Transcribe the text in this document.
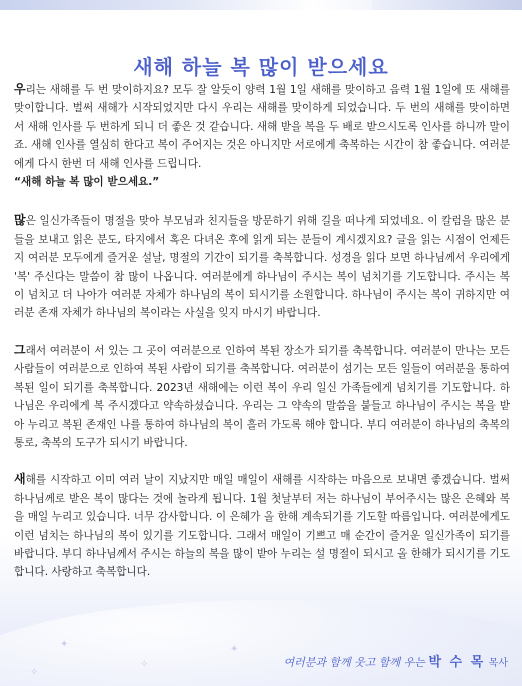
✦
✧
✦
✧
새해 하늘 복 많이 받으세요

우리는 새해를 두 번 맞이하지요? 모두 잘 알듯이 양력 1월 1일 새해를 맞이하고 음력 1월 1일에 또 새해를 맞이합니다. 벌써 새해가 시작되었지만 다시 우리는 새해를 맞이하게 되었습니다. 두 번의 새해를 맞이하면서 새해 인사를 두 번하게 되니 더 좋은 것 같습니다. 새해 받을 복을 두 배로 받으시도록 인사를 하니까 말이죠. 새해 인사를 열심히 한다고 복이 주어지는 것은 아니지만 서로에게 축복하는 시간이 참 좋습니다. 여러분에게 다시 한번 더 새해 인사를 드립니다.

“새해 하늘 복 많이 받으세요.”

많은 일신가족들이 명절을 맞아 부모님과 친지들을 방문하기 위해 길을 떠나게 되었네요. 이 칼럼을 많은 분들을 보내고 읽은 분도, 타지에서 혹은 다녀온 후에 읽게 되는 분들이 계시겠지요? 글을 읽는 시점이 언제든지 여러분 모두에게 즐거운 설날, 명절의 기간이 되기를 축복합니다. 성경을 읽다 보면 하나님께서 우리에게 '복' 주신다는 말씀이 참 많이 나옵니다. 여러분에게 하나님이 주시는 복이 넘치기를 기도합니다. 주시는 복이 넘치고 더 나아가 여러분 자체가 하나님의 복이 되시기를 소원합니다. 하나님이 주시는 복이 귀하지만 여러분 존재 자체가 하나님의 복이라는 사실을 잊지 마시기 바랍니다.

그래서 여러분이 서 있는 그 곳이 여러분으로 인하여 복된 장소가 되기를 축복합니다. 여러분이 만나는 모든 사람들이 여러분으로 인하여 복된 사람이 되기를 축복합니다. 여러분이 섬기는 모든 일들이 여러분을 통하여 복된 일이 되기를 축복합니다. 2023년 새해에는 이런 복이 우리 일신 가족들에게 넘치기를 기도합니다. 하나님은 우리에게 복 주시겠다고 약속하셨습니다. 우리는 그 약속의 말씀을 붙들고 하나님이 주시는 복을 받아 누리고 복된 존재인 나를 통하여 하나님의 복이 흘러 가도록 해야 합니다. 부디 여러분이 하나님의 축복의 통로, 축복의 도구가 되시기 바랍니다.

새해를 시작하고 이미 여러 날이 지났지만 매일 매일이 새해를 시작하는 마음으로 보내면 좋겠습니다. 벌써 하나님께로 받은 복이 많다는 것에 놀라게 됩니다. 1월 첫날부터 저는 하나님이 부어주시는 많은 은혜와 복을 매일 누리고 있습니다. 너무 감사합니다. 이 은혜가 올 한해 계속되기를 기도할 따름입니다. 여러분에게도 이런 넘치는 하나님의 복이 있기를 기도합니다. 그래서 매일이 기쁘고 매 순간이 즐거운 일신가족이 되기를 바랍니다. 부디 하나님께서 주시는 하늘의 복을 많이 받아 누리는 설 명절이 되시고 올 한해가 되시기를 기도합니다. 사랑하고 축복합니다.

여러분과 함께 웃고 함께 우는 박 수 목 목사
